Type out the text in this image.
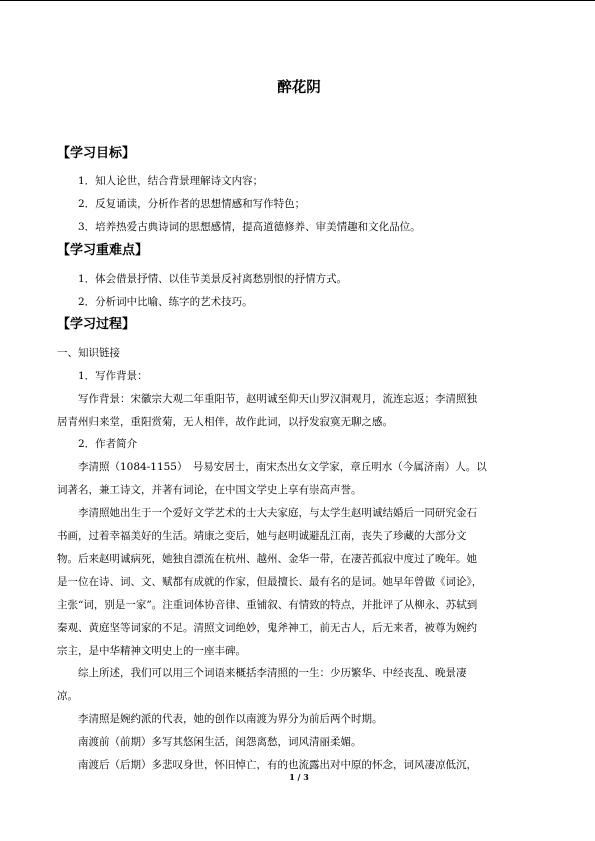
醉花阴
【学习目标】
1．知人论世，结合背景理解诗文内容；
2．反复诵读，分析作者的思想情感和写作特色；
3．培养热爱古典诗词的思想感情，提高道德修养、审美情趣和文化品位。
【学习重难点】
1．体会借景抒情、以佳节美景反衬离愁别恨的抒情方式。
2．分析词中比喻、练字的艺术技巧。
【学习过程】
一、知识链接
1．写作背景：
写作背景：宋徽宗大观二年重阳节，赵明诚至仰天山罗汉洞观月，流连忘返；李清照独
居青州归来堂，重阳赏菊，无人相伴，故作此词，以抒发寂寞无聊之感。
2．作者简介
李清照（1084-1155）　号易安居士，南宋杰出女文学家，章丘明水（今属济南）人。以
词著名，兼工诗文，并著有词论，在中国文学史上享有崇高声誉。
李清照她出生于一个爱好文学艺术的士大夫家庭，与太学生赵明诚结婚后一同研究金石
书画，过着幸福美好的生活。靖康之变后，她与赵明诚避乱江南，丧失了珍藏的大部分文
物。后来赵明诚病死，她独自漂流在杭州、越州、金华一带，在凄苦孤寂中度过了晚年。她
是一位在诗、词、文、赋都有成就的作家，但最擅长、最有名的是词。她早年曾做《词论》，
主张“词，别是一家”。注重词体协音律、重铺叙、有情致的特点，并批评了从柳永、苏轼到
秦观、黄庭坚等词家的不足。清照文词绝妙，鬼斧神工，前无古人，后无来者，被尊为婉约
宗主，是中华精神文明史上的一座丰碑。
综上所述，我们可以用三个词语来概括李清照的一生：少历繁华、中经丧乱、晚景凄
凉。
李清照是婉约派的代表，她的创作以南渡为界分为前后两个时期。
南渡前（前期）多写其悠闲生活，闺怨离愁，词风清丽柔媚。
南渡后（后期）多悲叹身世，怀旧悼亡，有的也流露出对中原的怀念，词风凄凉低沉，
1 / 3
